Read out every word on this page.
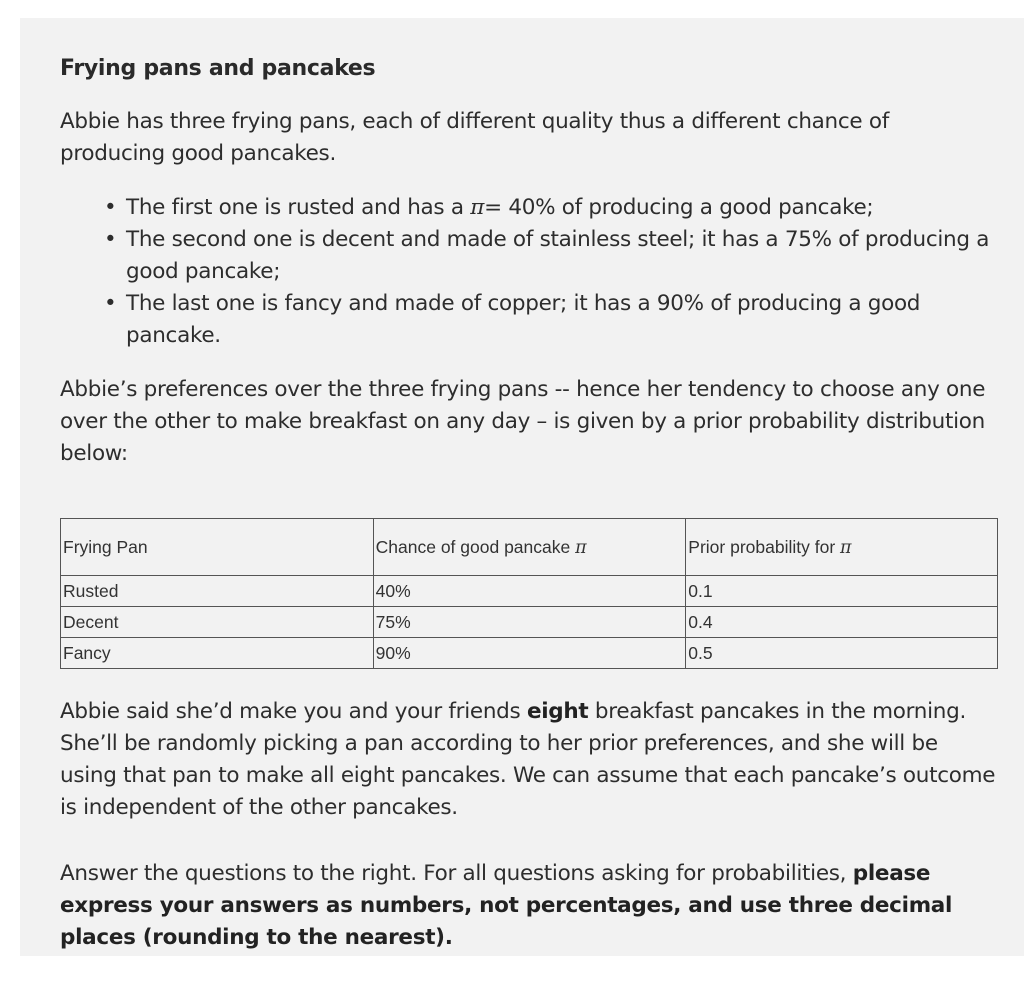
Frying pans and pancakes

Abbie has three frying pans, each of different quality thus a different chance of producing good pancakes.

• The first one is rusted and has a π= 40% of producing a good pancake;
• The second one is decent and made of stainless steel; it has a 75% of producing a good pancake;
• The last one is fancy and made of copper; it has a 90% of producing a good pancake.

Abbie’s preferences over the three frying pans -- hence her tendency to choose any one over the other to make breakfast on any day – is given by a prior probability distribution below:

Frying Pan	Chance of good pancake π	Prior probability for π
Rusted	40%	0.1
Decent	75%	0.4
Fancy	90%	0.5

Abbie said she’d make you and your friends eight breakfast pancakes in the morning. She’ll be randomly picking a pan according to her prior preferences, and she will be using that pan to make all eight pancakes. We can assume that each pancake’s outcome is independent of the other pancakes.

Answer the questions to the right. For all questions asking for probabilities, please express your answers as numbers, not percentages, and use three decimal places (rounding to the nearest).
